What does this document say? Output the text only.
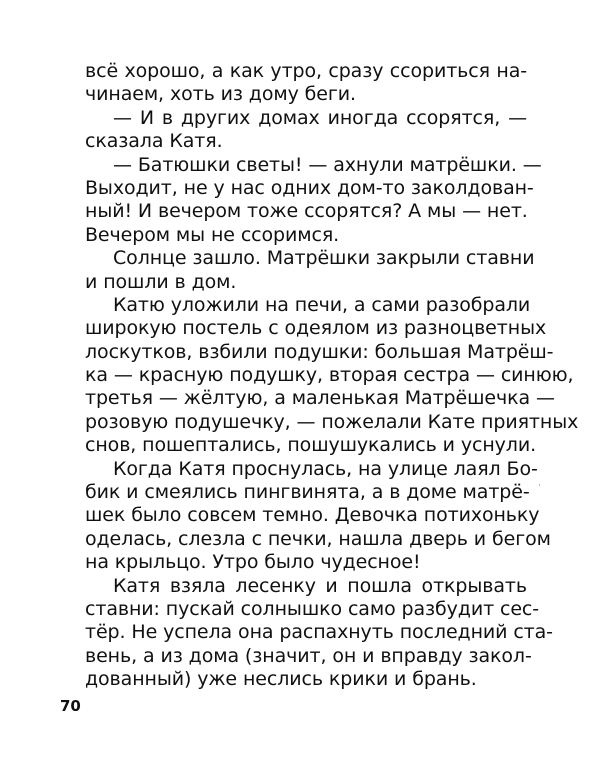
всё хорошо, а как утро, сразу ссориться на-
чинаем, хоть из дому беги.
— И в других домах иногда ссорятся, —
сказала Катя.
— Батюшки светы! — ахнули матрёшки. —
Выходит, не у нас одних дом-то заколдован-
ный! И вечером тоже ссорятся? А мы — нет.
Вечером мы не ссоримся.
Солнце зашло. Матрёшки закрыли ставни
и пошли в дом.
Катю уложили на печи, а сами разобрали
широкую постель с одеялом из разноцветных
лоскутков, взбили подушки: большая Матрёш-
ка — красную подушку, вторая сестра — синюю,
третья — жёлтую, а маленькая Матрёшечка —
розовую подушечку, — пожелали Кате приятных
снов, пошептались, пошушукались и уснули.
Когда Катя проснулась, на улице лаял Бо-
бик и смеялись пингвинята, а в доме матрё-
шек было совсем темно. Девочка потихоньку
оделась, слезла с печки, нашла дверь и бегом
на крыльцо. Утро было чудесное!
Катя взяла лесенку и пошла открывать
ставни: пускай солнышко само разбудит сес-
тёр. Не успела она распахнуть последний ста-
вень, а из дома (значит, он и вправду закол-
дованный) уже неслись крики и брань.
˙
70
